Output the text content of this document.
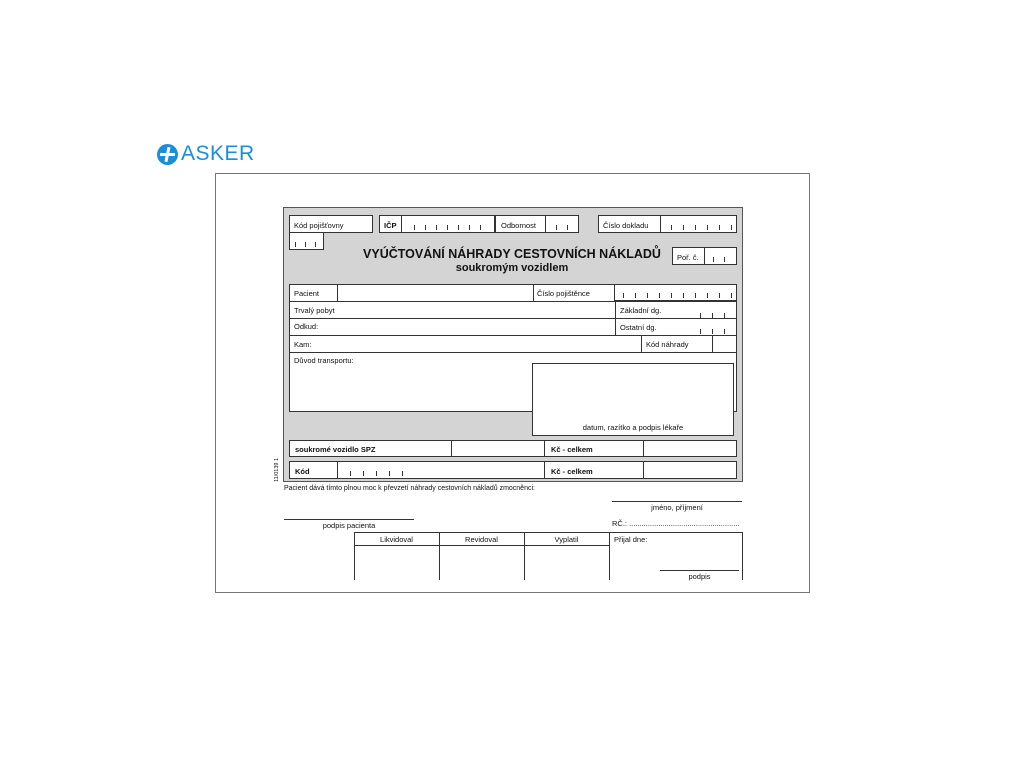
ASKER
Kód pojišťovny	IČP	Odbornost	Číslo dokladu
VYÚČTOVÁNÍ NÁHRADY CESTOVNÍCH NÁKLADŮ
soukromým vozidlem
Poř. č.
Pacient	Číslo pojištěnce
Trvalý pobyt	Základní dg.
Odkud:	Ostatní dg.
Kam:	Kód náhrady
Důvod transportu:
datum, razítko a podpis lékaře
soukromé vozidlo SPZ	Kč - celkem
Kód	Kč - celkem
11/0139 1
Pacient dává tímto plnou moc k převzetí náhrady cestovních nákladů zmocněnci:
jméno, příjmení
podpis pacienta	RČ.: .....................................................
Likvidoval	Revidoval	Vyplatil	Přijal dne:
podpis
